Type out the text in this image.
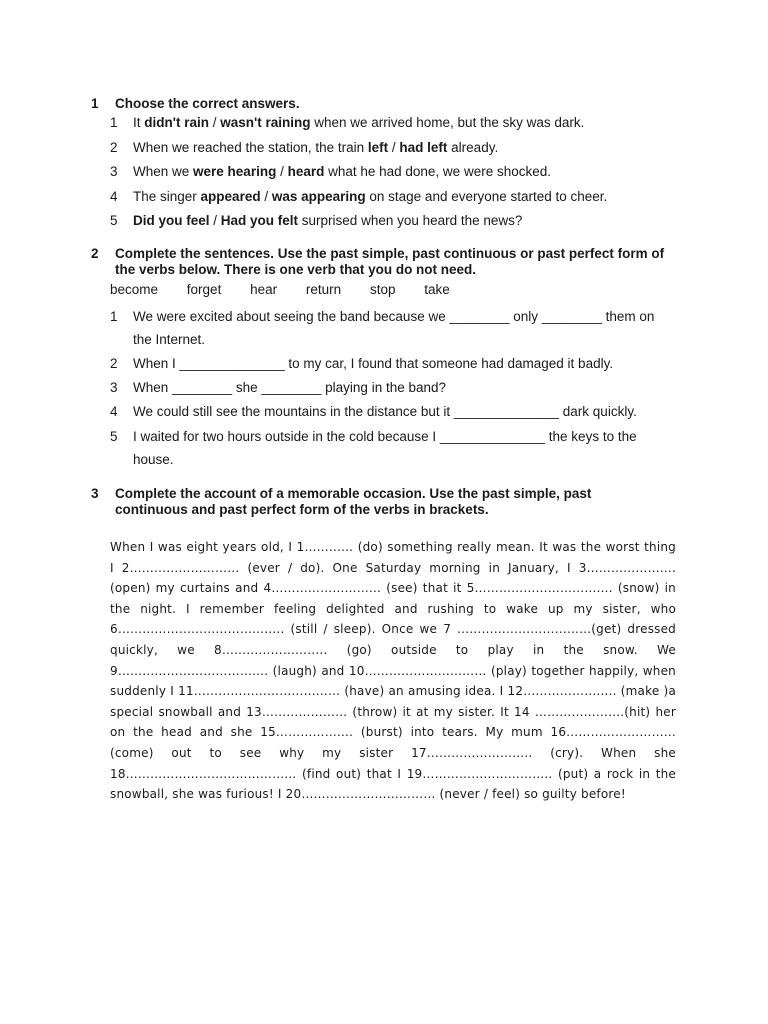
1 Choose the correct answers.
1 It didn't rain / wasn't raining when we arrived home, but the sky was dark.
2 When we reached the station, the train left / had left already.
3 When we were hearing / heard what he had done, we were shocked.
4 The singer appeared / was appearing on stage and everyone started to cheer.
5 Did you feel / Had you felt surprised when you heard the news?
2 Complete the sentences. Use the past simple, past continuous or past perfect form of the verbs below. There is one verb that you do not need.
become forget hear return stop take
1 We were excited about seeing the band because we ________ only ________ them on the Internet.
2 When I ______________ to my car, I found that someone had damaged it badly.
3 When ________ she ________ playing in the band?
4 We could still see the mountains in the distance but it ______________ dark quickly.
5 I waited for two hours outside in the cold because I ______________ the keys to the house.
3 Complete the account of a memorable occasion. Use the past simple, past continuous and past perfect form of the verbs in brackets.
When I was eight years old, I 1………… (do) something really mean. It was the worst thing I 2……………………… (ever / do). One Saturday morning in January, I 3…………………. (open) my curtains and 4……………………… (see) that it 5……………………………. (snow) in the night. I remember feeling delighted and rushing to wake up my sister, who 6………………………………….. (still / sleep). Once we 7 ……………………………(get) dressed quickly, we 8…………………….. (go) outside to play in the snow. We 9………………………………. (laugh) and 10………………………… (play) together happily, when suddenly I 11……………………………… (have) an amusing idea. I 12………………….. (make )a special snowball and 13………………… (throw) it at my sister. It 14 ………………….(hit) her on the head and she 15………………. (burst) into tears. My mum 16……………………… (come) out to see why my sister 17…………………….. (cry). When she 18…………………………………… (find out) that I 19………………………….. (put) a rock in the snowball, she was furious! I 20…………………………… (never / feel) so guilty before!
